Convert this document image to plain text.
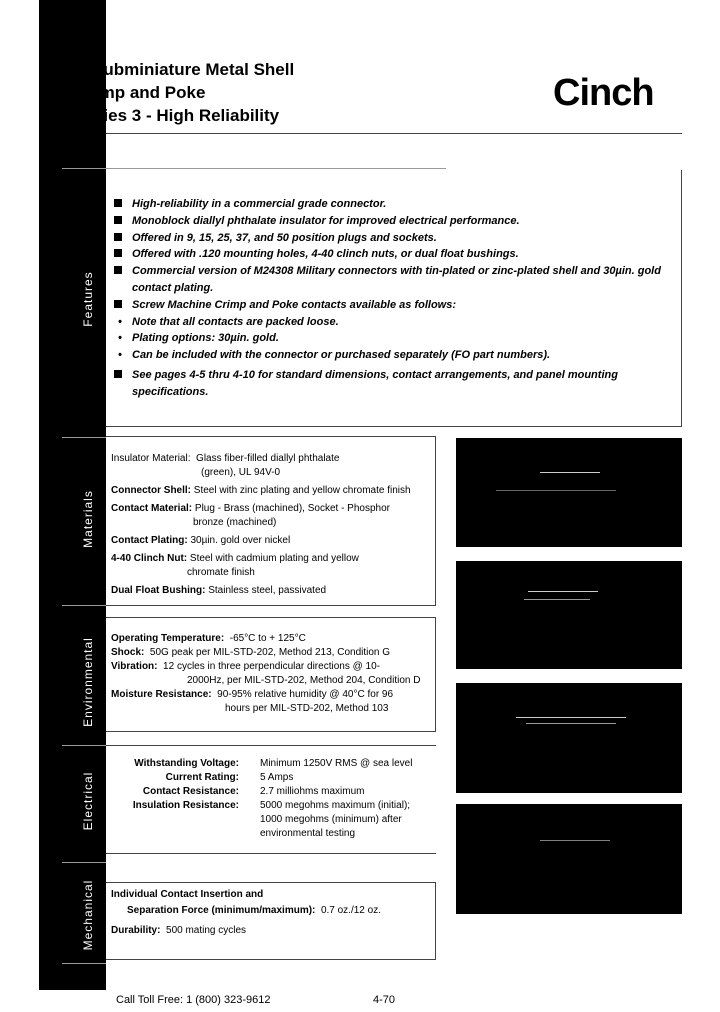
Features
Materials
Environmental
Electrical
Mechanical
D-subminiature Metal Shell
Crimp and Poke
Series 3 - High Reliability
Cinch
High-reliability in a commercial grade connector.
Monoblock diallyl phthalate insulator for improved electrical performance.
Offered in 9, 15, 25, 37, and 50 position plugs and sockets.
Offered with .120 mounting holes, 4-40 clinch nuts, or dual float bushings.
Commercial version of M24308 Military connectors with tin-plated or zinc-plated shell and 30µin. gold contact plating.
Screw Machine Crimp and Poke contacts available as follows:
• Note that all contacts are packed loose.
• Plating options: 30µin. gold.
• Can be included with the connector or purchased separately (FO part numbers).
See pages 4-5 thru 4-10 for standard dimensions, contact arrangements, and panel mounting specifications.
Insulator Material: Glass fiber-filled diallyl phthalate
(green), UL 94V-0
Connector Shell: Steel with zinc plating and yellow chromate finish
Contact Material: Plug - Brass (machined), Socket - Phosphor
bronze (machined)
Contact Plating: 30µin. gold over nickel
4-40 Clinch Nut: Steel with cadmium plating and yellow
chromate finish
Dual Float Bushing: Stainless steel, passivated
Operating Temperature: -65°C to + 125°C
Shock: 50G peak per MIL-STD-202, Method 213, Condition G
Vibration: 12 cycles in three perpendicular directions @ 10-
2000Hz, per MIL-STD-202, Method 204, Condition D
Moisture Resistance: 90-95% relative humidity @ 40°C for 96
hours per MIL-STD-202, Method 103
Withstanding Voltage: Minimum 1250V RMS @ sea level
Current Rating: 5 Amps
Contact Resistance: 2.7 milliohms maximum
Insulation Resistance: 5000 megohms maximum (initial);
1000 megohms (minimum) after
environmental testing
Individual Contact Insertion and
Separation Force (minimum/maximum): 0.7 oz./12 oz.
Durability: 500 mating cycles
Call Toll Free: 1 (800) 323-9612	4-70
